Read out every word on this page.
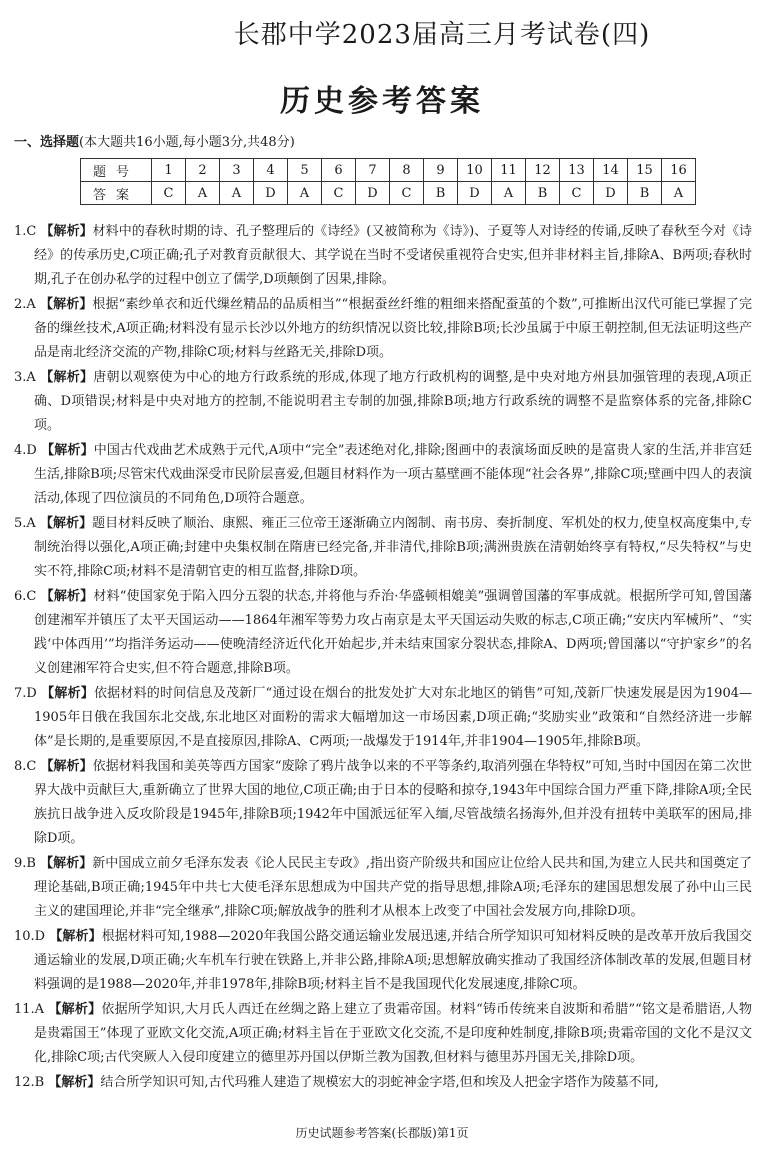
长郡中学2023届高三月考试卷(四)
历史参考答案
一、选择题(本大题共16小题,每小题3分,共48分)
题号	1	2	3	4	5	6	7	8	9	10	11	12	13	14	15	16
答案	C	A	A	D	A	C	D	C	B	D	A	B	C	D	B	A
1.C 【解析】材料中的春秋时期的诗、孔子整理后的《诗经》(又被简称为《诗》)、子夏等人对诗经的传诵,反映了春秋至今对《诗经》的传承历史,C项正确;孔子对教育贡献很大、其学说在当时不受诸侯重视符合史实,但并非材料主旨,排除A、B两项;春秋时期,孔子在创办私学的过程中创立了儒学,D项颠倒了因果,排除。
2.A 【解析】根据“素纱单衣和近代缫丝精品的品质相当”“根据蚕丝纤维的粗细来搭配蚕茧的个数”,可推断出汉代可能已掌握了完备的缫丝技术,A项正确;材料没有显示长沙以外地方的纺织情况以资比较,排除B项;长沙虽属于中原王朝控制,但无法证明这些产品是南北经济交流的产物,排除C项;材料与丝路无关,排除D项。
3.A 【解析】唐朝以观察使为中心的地方行政系统的形成,体现了地方行政机构的调整,是中央对地方州县加强管理的表现,A项正确、D项错误;材料是中央对地方的控制,不能说明君主专制的加强,排除B项;地方行政系统的调整不是监察体系的完备,排除C项。
4.D 【解析】中国古代戏曲艺术成熟于元代,A项中“完全”表述绝对化,排除;图画中的表演场面反映的是富贵人家的生活,并非宫廷生活,排除B项;尽管宋代戏曲深受市民阶层喜爱,但题目材料作为一项古墓壁画不能体现“社会各界”,排除C项;壁画中四人的表演活动,体现了四位演员的不同角色,D项符合题意。
5.A 【解析】题目材料反映了顺治、康熙、雍正三位帝王逐渐确立内阁制、南书房、奏折制度、军机处的权力,使皇权高度集中,专制统治得以强化,A项正确;封建中央集权制在隋唐已经完备,并非清代,排除B项;满洲贵族在清朝始终享有特权,“尽失特权”与史实不符,排除C项;材料不是清朝官吏的相互监督,排除D项。
6.C 【解析】材料“使国家免于陷入四分五裂的状态,并将他与乔治·华盛顿相媲美”强调曾国藩的军事成就。根据所学可知,曾国藩创建湘军并镇压了太平天国运动——1864年湘军等势力攻占南京是太平天国运动失败的标志,C项正确;“安庆内军械所”、“实践‘中体西用’”均指洋务运动——使晚清经济近代化开始起步,并未结束国家分裂状态,排除A、D两项;曾国藩以“守护家乡”的名义创建湘军符合史实,但不符合题意,排除B项。
7.D 【解析】依据材料的时间信息及茂新厂“通过设在烟台的批发处扩大对东北地区的销售”可知,茂新厂快速发展是因为1904—1905年日俄在我国东北交战,东北地区对面粉的需求大幅增加这一市场因素,D项正确;“奖励实业”政策和“自然经济进一步解体”是长期的,是重要原因,不是直接原因,排除A、C两项;一战爆发于1914年,并非1904—1905年,排除B项。
8.C 【解析】依据材料我国和美英等西方国家“废除了鸦片战争以来的不平等条约,取消列强在华特权”可知,当时中国因在第二次世界大战中贡献巨大,重新确立了世界大国的地位,C项正确;由于日本的侵略和掠夺,1943年中国综合国力严重下降,排除A项;全民族抗日战争进入反攻阶段是1945年,排除B项;1942年中国派远征军入缅,尽管战绩名扬海外,但并没有扭转中美联军的困局,排除D项。
9.B 【解析】新中国成立前夕毛泽东发表《论人民民主专政》,指出资产阶级共和国应让位给人民共和国,为建立人民共和国奠定了理论基础,B项正确;1945年中共七大使毛泽东思想成为中国共产党的指导思想,排除A项;毛泽东的建国思想发展了孙中山三民主义的建国理论,并非“完全继承”,排除C项;解放战争的胜利才从根本上改变了中国社会发展方向,排除D项。
10.D 【解析】根据材料可知,1988—2020年我国公路交通运输业发展迅速,并结合所学知识可知材料反映的是改革开放后我国交通运输业的发展,D项正确;火车机车行驶在铁路上,并非公路,排除A项;思想解放确实推动了我国经济体制改革的发展,但题目材料强调的是1988—2020年,并非1978年,排除B项;材料主旨不是我国现代化发展速度,排除C项。
11.A 【解析】依据所学知识,大月氏人西迁在丝绸之路上建立了贵霜帝国。材料“铸币传统来自波斯和希腊”“铭文是希腊语,人物是贵霜国王”体现了亚欧文化交流,A项正确;材料主旨在于亚欧文化交流,不是印度种姓制度,排除B项;贵霜帝国的文化不是汉文化,排除C项;古代突厥人入侵印度建立的德里苏丹国以伊斯兰教为国教,但材料与德里苏丹国无关,排除D项。
12.B 【解析】结合所学知识可知,古代玛雅人建造了规模宏大的羽蛇神金字塔,但和埃及人把金字塔作为陵墓不同,
历史试题参考答案(长郡版)第1页
